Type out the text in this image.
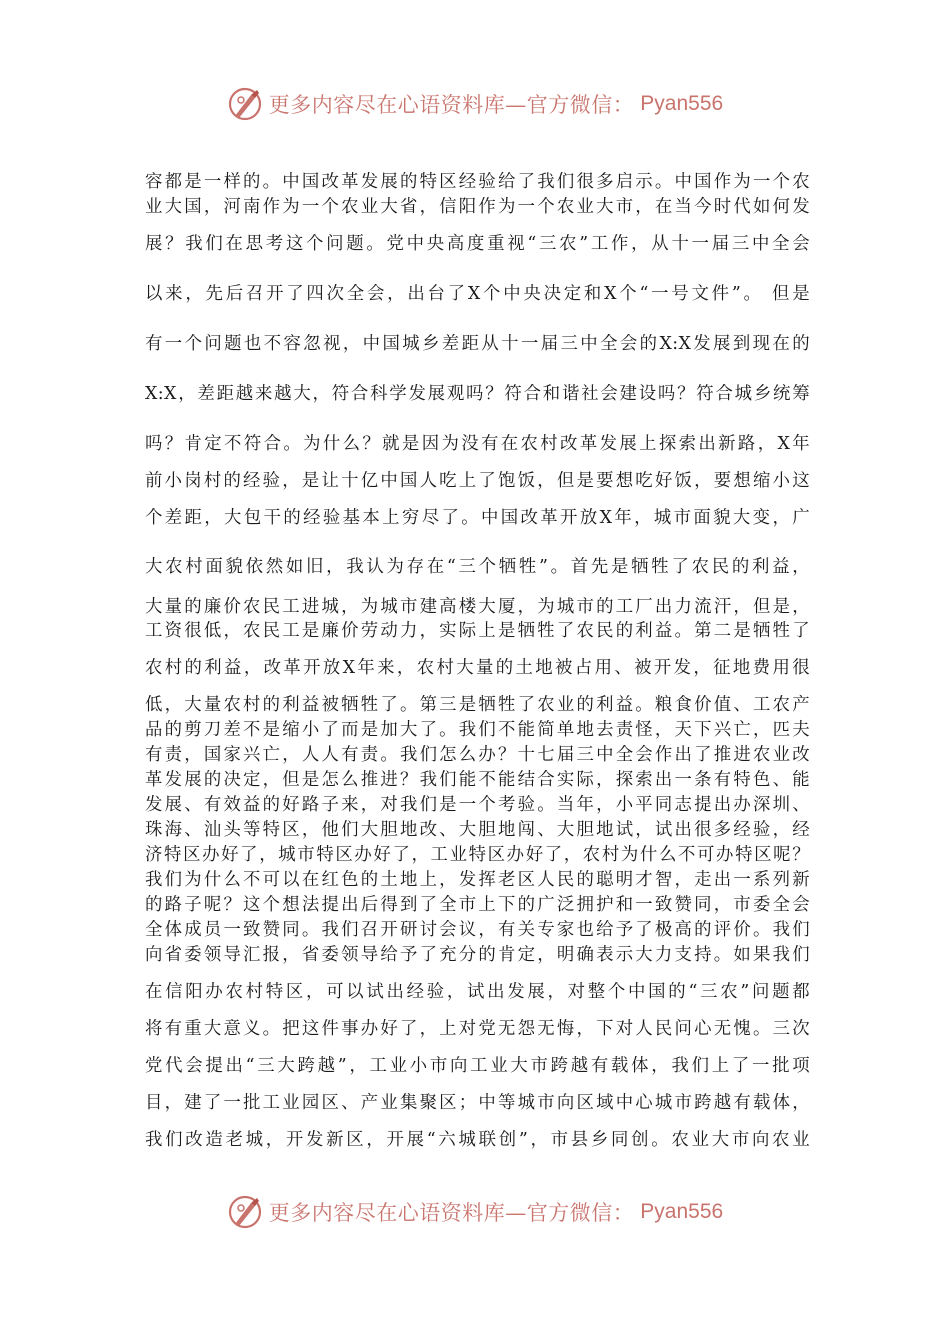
更多内容尽在心语资料库—官方微信： Pyan556
容都是一样的。中国改革发展的特区经验给了我们很多启示。中国作为一个农
业大国，河南作为一个农业大省，信阳作为一个农业大市，在当今时代如何发
展？我们在思考这个问题。党中央高度重视“三农”工作，从十一届三中全会
以来，先后召开了四次全会，出台了X个中央决定和X个“一号文件”。 但是
有一个问题也不容忽视，中国城乡差距从十一届三中全会的X:X发展到现在的
X:X，差距越来越大，符合科学发展观吗？符合和谐社会建设吗？符合城乡统筹
吗？肯定不符合。为什么？就是因为没有在农村改革发展上探索出新路，X年
前小岗村的经验，是让十亿中国人吃上了饱饭，但是要想吃好饭，要想缩小这
个差距，大包干的经验基本上穷尽了。中国改革开放X年，城市面貌大变，广
大农村面貌依然如旧，我认为存在“三个牺牲”。首先是牺牲了农民的利益，
大量的廉价农民工进城，为城市建高楼大厦，为城市的工厂出力流汗，但是，
工资很低，农民工是廉价劳动力，实际上是牺牲了农民的利益。第二是牺牲了
农村的利益，改革开放X年来，农村大量的土地被占用、被开发，征地费用很
低，大量农村的利益被牺牲了。第三是牺牲了农业的利益。粮食价值、工农产
品的剪刀差不是缩小了而是加大了。我们不能简单地去责怪，天下兴亡，匹夫
有责，国家兴亡，人人有责。我们怎么办？十七届三中全会作出了推进农业改
革发展的决定，但是怎么推进？我们能不能结合实际，探索出一条有特色、能
发展、有效益的好路子来，对我们是一个考验。当年，小平同志提出办深圳、
珠海、汕头等特区，他们大胆地改、大胆地闯、大胆地试，试出很多经验，经
济特区办好了，城市特区办好了，工业特区办好了，农村为什么不可办特区呢？
我们为什么不可以在红色的土地上，发挥老区人民的聪明才智，走出一系列新
的路子呢？这个想法提出后得到了全市上下的广泛拥护和一致赞同，市委全会
全体成员一致赞同。我们召开研讨会议，有关专家也给予了极高的评价。我们
向省委领导汇报，省委领导给予了充分的肯定，明确表示大力支持。如果我们
在信阳办农村特区，可以试出经验，试出发展，对整个中国的“三农”问题都
将有重大意义。把这件事办好了，上对党无怨无悔，下对人民问心无愧。三次
党代会提出“三大跨越”，工业小市向工业大市跨越有载体，我们上了一批项
目，建了一批工业园区、产业集聚区；中等城市向区域中心城市跨越有载体，
我们改造老城，开发新区，开展“六城联创”，市县乡同创。农业大市向农业
更多内容尽在心语资料库—官方微信： Pyan556
